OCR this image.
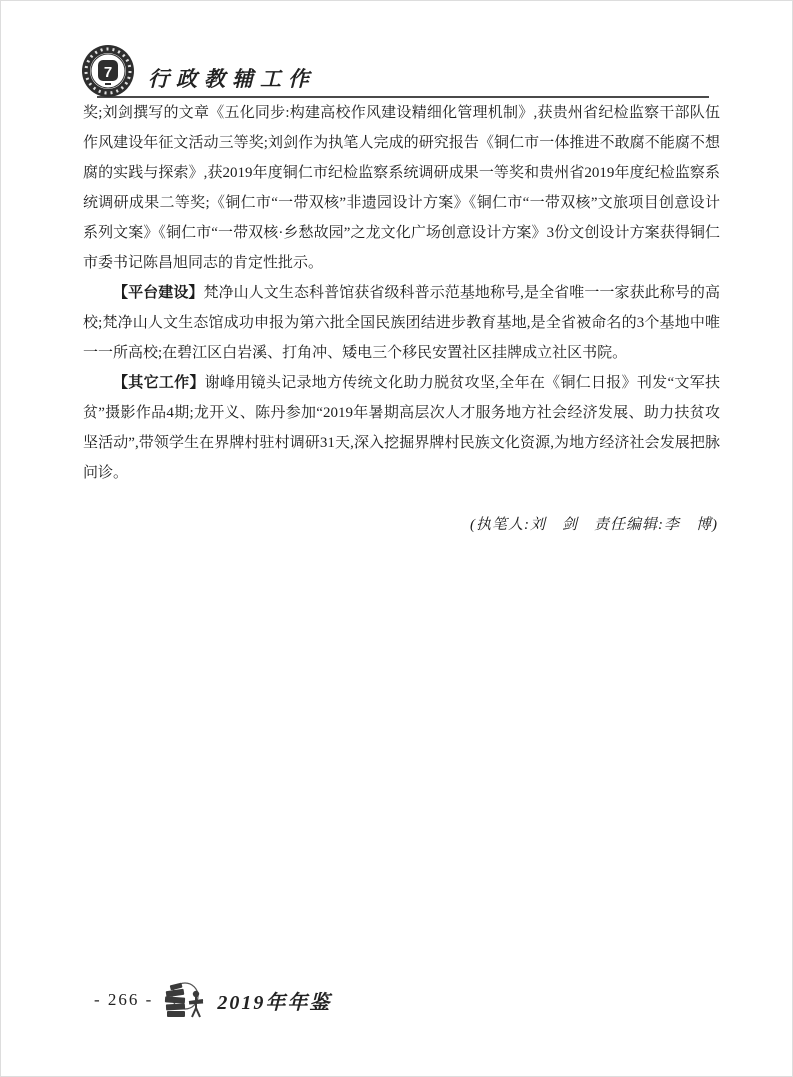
7 行政教辅工作

奖;刘剑撰写的文章《五化同步:构建高校作风建设精细化管理机制》,获贵州省纪检监察干部队伍作风建设年征文活动三等奖;刘剑作为执笔人完成的研究报告《铜仁市一体推进不敢腐不能腐不想腐的实践与探索》,获2019年度铜仁市纪检监察系统调研成果一等奖和贵州省2019年度纪检监察系统调研成果二等奖;《铜仁市“一带双核”非遗园设计方案》《铜仁市“一带双核”文旅项目创意设计系列文案》《铜仁市“一带双核·乡愁故园”之龙文化广场创意设计方案》3份文创设计方案获得铜仁市委书记陈昌旭同志的肯定性批示。

【平台建设】梵净山人文生态科普馆获省级科普示范基地称号,是全省唯一一家获此称号的高校;梵净山人文生态馆成功申报为第六批全国民族团结进步教育基地,是全省被命名的3个基地中唯一一所高校;在碧江区白岩溪、打角冲、矮电三个移民安置社区挂牌成立社区书院。

【其它工作】谢峰用镜头记录地方传统文化助力脱贫攻坚,全年在《铜仁日报》刊发“文军扶贫”摄影作品4期;龙开义、陈丹参加“2019年暑期高层次人才服务地方社会经济发展、助力扶贫攻坚活动”,带领学生在界牌村驻村调研31天,深入挖掘界牌村民族文化资源,为地方经济社会发展把脉问诊。

(执笔人:刘　剑　责任编辑:李　博)

- 266 -	2019年年鉴
